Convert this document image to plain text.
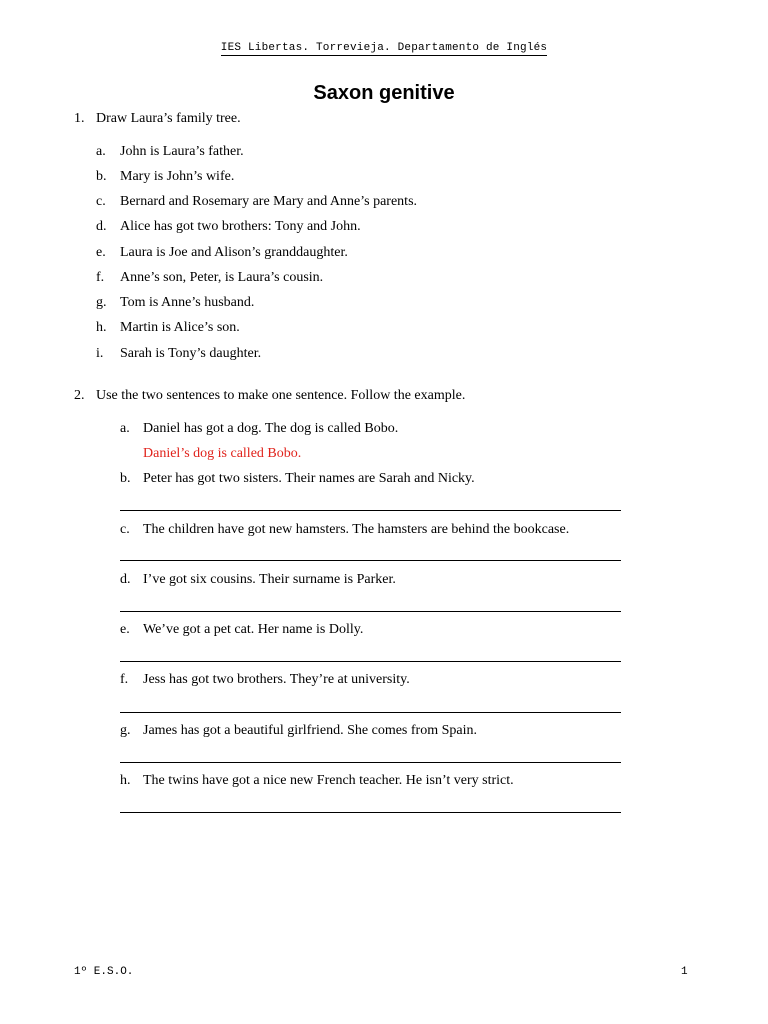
IES Libertas. Torrevieja. Departamento de Inglés
Saxon genitive
1. Draw Laura’s family tree.
a. John is Laura’s father.
b. Mary is John’s wife.
c. Bernard and Rosemary are Mary and Anne’s parents.
d. Alice has got two brothers: Tony and John.
e. Laura is Joe and Alison’s granddaughter.
f. Anne’s son, Peter, is Laura’s cousin.
g. Tom is Anne’s husband.
h. Martin is Alice’s son.
i. Sarah is Tony’s daughter.
2. Use the two sentences to make one sentence. Follow the example.
a. Daniel has got a dog. The dog is called Bobo.
Daniel’s dog is called Bobo.
b. Peter has got two sisters. Their names are Sarah and Nicky.
c. The children have got new hamsters. The hamsters are behind the bookcase.
d. I’ve got six cousins. Their surname is Parker.
e. We’ve got a pet cat. Her name is Dolly.
f. Jess has got two brothers. They’re at university.
g. James has got a beautiful girlfriend. She comes from Spain.
h. The twins have got a nice new French teacher. He isn’t very strict.
1º E.S.O.	1
